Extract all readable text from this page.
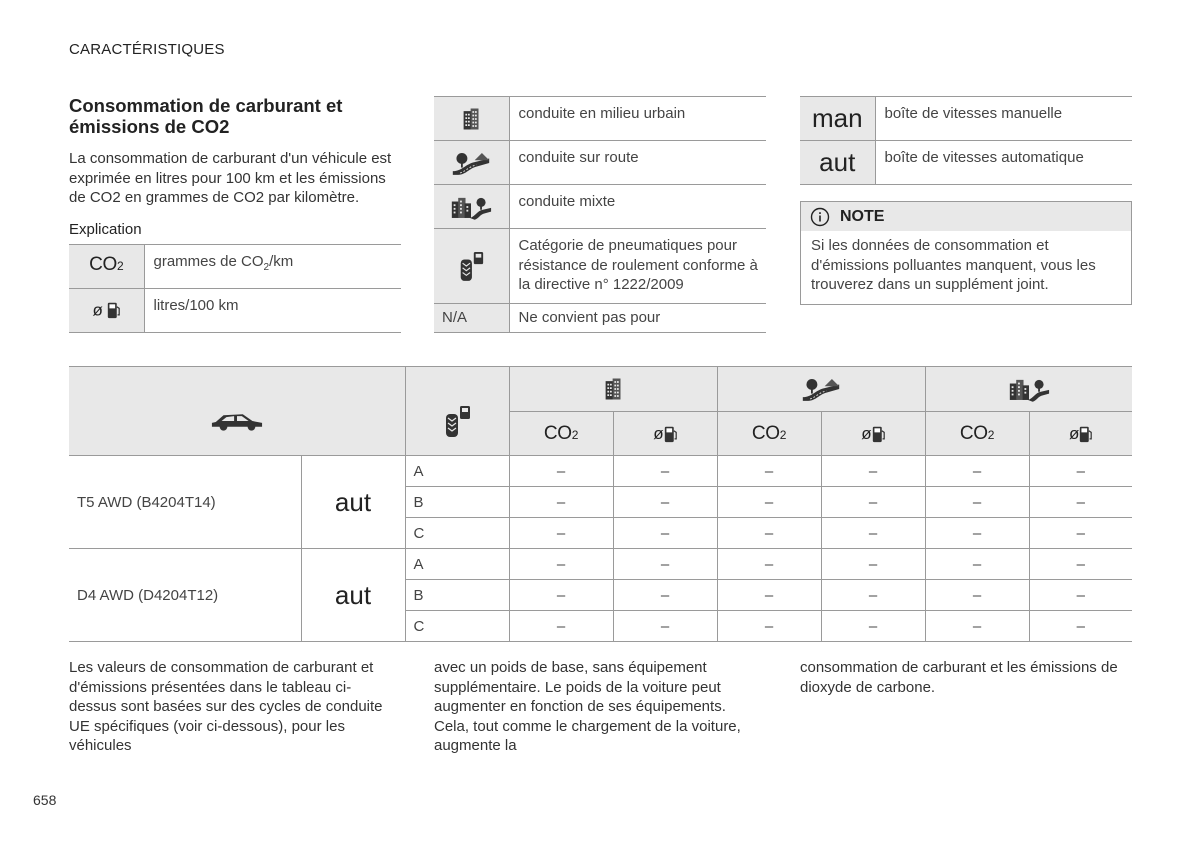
CARACTÉRISTIQUES
Consommation de carburant et émissions de CO2
La consommation de carburant d'un véhicule est exprimée en litres pour 100 km et les émissions de CO2 en grammes de CO2 par kilomètre.
Explication
CO2	grammes de $CO_2/km$
ø	litres/100 km
	conduite en milieu urbain
	conduite sur route
	conduite mixte
	Catégorie de pneumatiques pour résistance de roulement conforme à la directive n° 1222/2009
N/A	Ne convient pas pour
man	boîte de vitesses manuelle
aut	boîte de vitesses automatique
NOTE
Si les données de consommation et d'émissions polluantes manquent, vous les trouverez dans un supplément joint.

			CO2	ø	CO2	ø	CO2	ø
T5 AWD (B4204T14)	aut	A	–	–	–	–	–	–
		B	–	–	–	–	–	–
		C	–	–	–	–	–	–
D4 AWD (D4204T12)	aut	A	–	–	–	–	–	–
		B	–	–	–	–	–	–
		C	–	–	–	–	–	–
Les valeurs de consommation de carburant et d'émissions présentées dans le tableau ci-dessus sont basées sur des cycles de conduite UE spécifiques (voir ci-dessous), pour les véhicules
avec un poids de base, sans équipement supplémentaire. Le poids de la voiture peut augmenter en fonction de ses équipements. Cela, tout comme le chargement de la voiture, augmente la
consommation de carburant et les émissions de dioxyde de carbone.
658
